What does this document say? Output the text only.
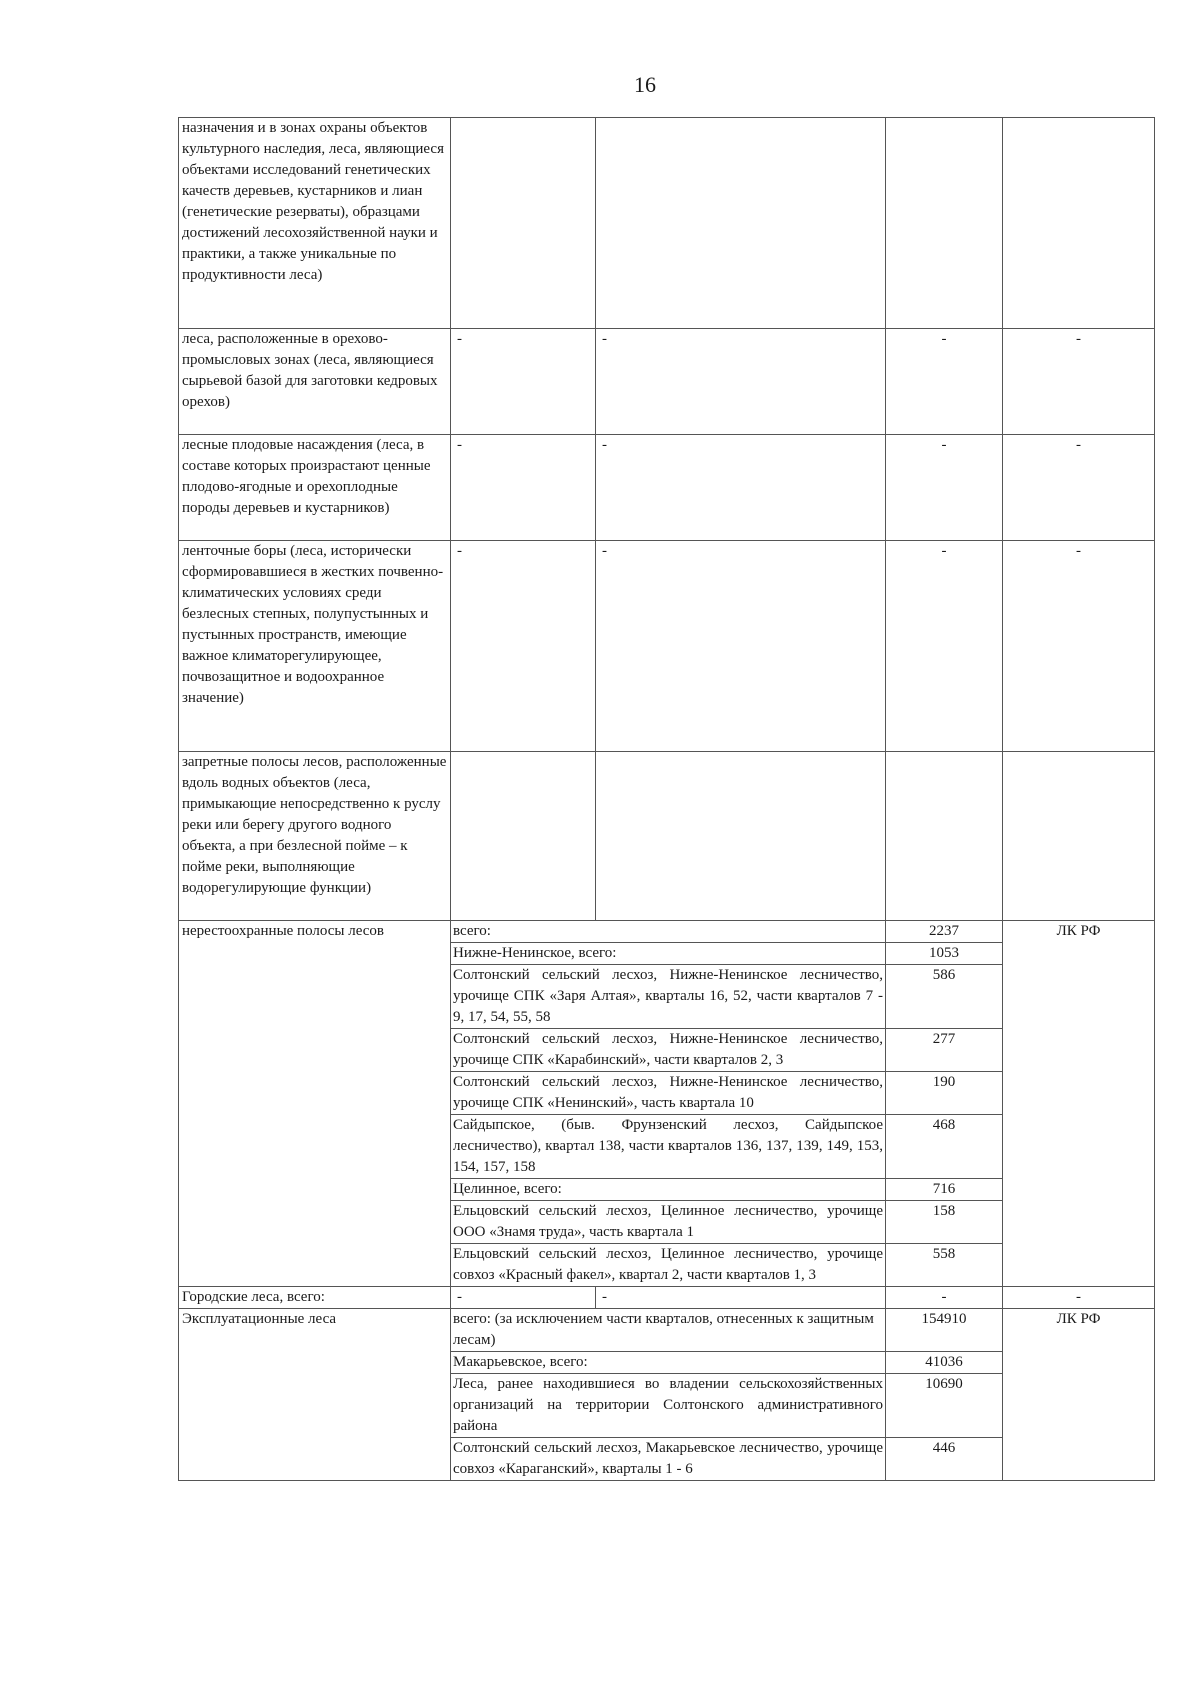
16
назначения и в зонах охраны объектов культурного наследия, леса, являющиеся объектами исследований генетических качеств деревьев, кустарников и лиан (генетические резерваты), образцами достижений лесохозяйственной науки и практики, а также уникальные по продуктивности леса)				
леса, расположенные в орехово-промысловых зонах (леса, являющиеся сырьевой базой для заготовки кедровых орехов)	-	-	-	-
лесные плодовые насаждения (леса, в составе которых произрастают ценные плодово-ягодные и орехоплодные породы деревьев и кустарников)	-	-	-	-
ленточные боры (леса, исторически сформировавшиеся в жестких почвенно-климатических условиях среди безлесных степных, полупустынных и пустынных пространств, имеющие важное климаторегулирующее, почвозащитное и водоохранное значение)	-	-	-	-
запретные полосы лесов, расположенные вдоль водных объектов (леса, примыкающие непосредственно к руслу реки или берегу другого водного объекта, а при безлесной пойме – к пойме реки, выполняющие водорегулирующие функции)				
нерестоохранные полосы лесов	всего:		2237	ЛК РФ
	Нижне-Ненинское, всего:		1053	
	Солтонский сельский лесхоз, Нижне-Ненинское лесничество, урочище СПК «Заря Алтая», кварталы 16, 52, части кварталов 7 - 9, 17, 54, 55, 58		586	
	Солтонский сельский лесхоз, Нижне-Ненинское лесничество, урочище СПК «Карабинский», части кварталов 2, 3		277	
	Солтонский сельский лесхоз, Нижне-Ненинское лесничество, урочище СПК «Ненинский», часть квартала 10		190	
	Сайдыпское, (быв. Фрунзенский лесхоз, Сайдыпское лесничество), квартал 138, части кварталов 136, 137, 139, 149, 153, 154, 157, 158		468	
	Целинное, всего:		716	
	Ельцовский сельский лесхоз, Целинное лесничество, урочище ООО «Знамя труда», часть квартала 1		158	
	Ельцовский сельский лесхоз, Целинное лесничество, урочище совхоз «Красный факел», квартал 2, части кварталов 1, 3		558	
Городские леса, всего:	-	-	-	-
Эксплуатационные леса	всего: (за исключением части кварталов, отнесенных к защитным лесам)		154910	ЛК РФ
	Макарьевское, всего:		41036	
	Леса, ранее находившиеся во владении сельскохозяйственных организаций на территории Солтонского административного района		10690	
	Солтонский сельский лесхоз, Макарьевское лесничество, урочище совхоз «Караганский», кварталы 1 - 6		446	
